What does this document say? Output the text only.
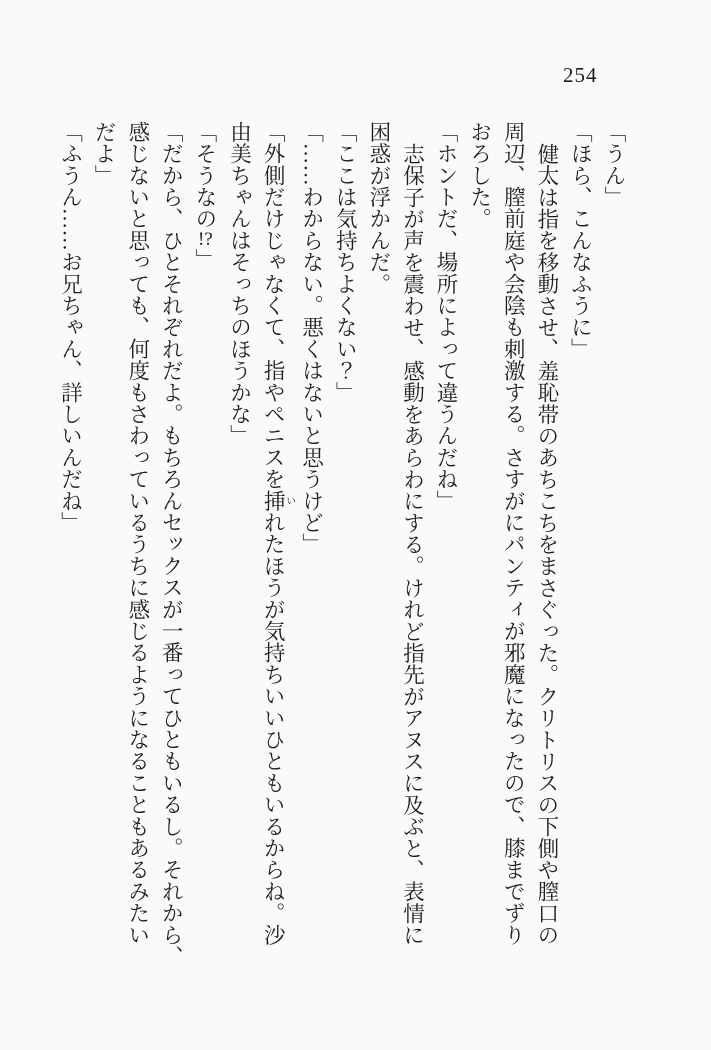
254
「うん」
「ほら、こんなふうに」
健太は指を移動させ、羞恥帯のあちこちをまさぐった。クリトリスの下側や膣口の
周辺、膣前庭や会陰も刺激する。さすがにパンティが邪魔になったので、膝までずり
おろした。
「ホントだ、場所によって違うんだね」
志保子が声を震わせ、感動をあらわにする。けれど指先がアヌスに及ぶと、表情に
困惑が浮かんだ。
「ここは気持ちよくない？」
「……わからない。悪くはないと思うけど」
「外側だけじゃなくて、指やペニスを挿いれたほうが気持ちいいひともいるからね。沙
由美ちゃんはそっちのほうかな」
「そうなの!?」
「だから、ひとそれぞれだよ。もちろんセックスが一番ってひともいるし。それから、
感じないと思っても、何度もさわっているうちに感じるようになることもあるみたい
だよ」
「ふうん……お兄ちゃん、詳しいんだね」
